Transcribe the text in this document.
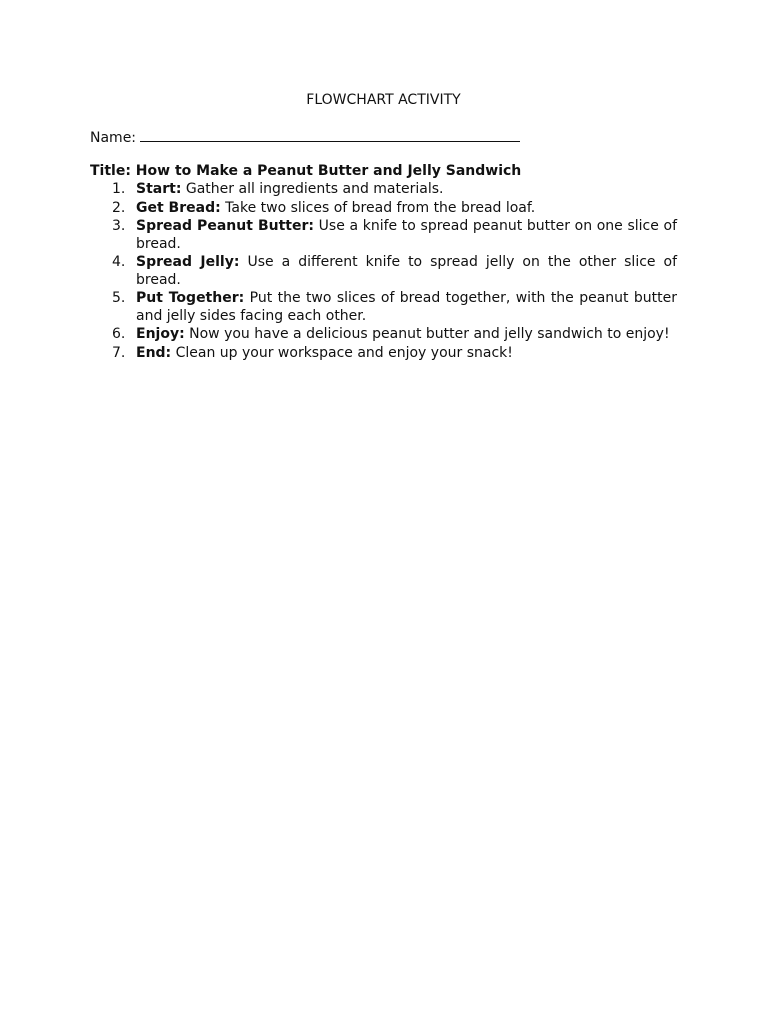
FLOWCHART ACTIVITY
Name:
Title: How to Make a Peanut Butter and Jelly Sandwich
1. Start: Gather all ingredients and materials.
2. Get Bread: Take two slices of bread from the bread loaf.
3. Spread Peanut Butter: Use a knife to spread peanut butter on one slice of bread.
4. Spread Jelly: Use a different knife to spread jelly on the other slice of bread.
5. Put Together: Put the two slices of bread together, with the peanut butter and jelly sides facing each other.
6. Enjoy: Now you have a delicious peanut butter and jelly sandwich to enjoy!
7. End: Clean up your workspace and enjoy your snack!
